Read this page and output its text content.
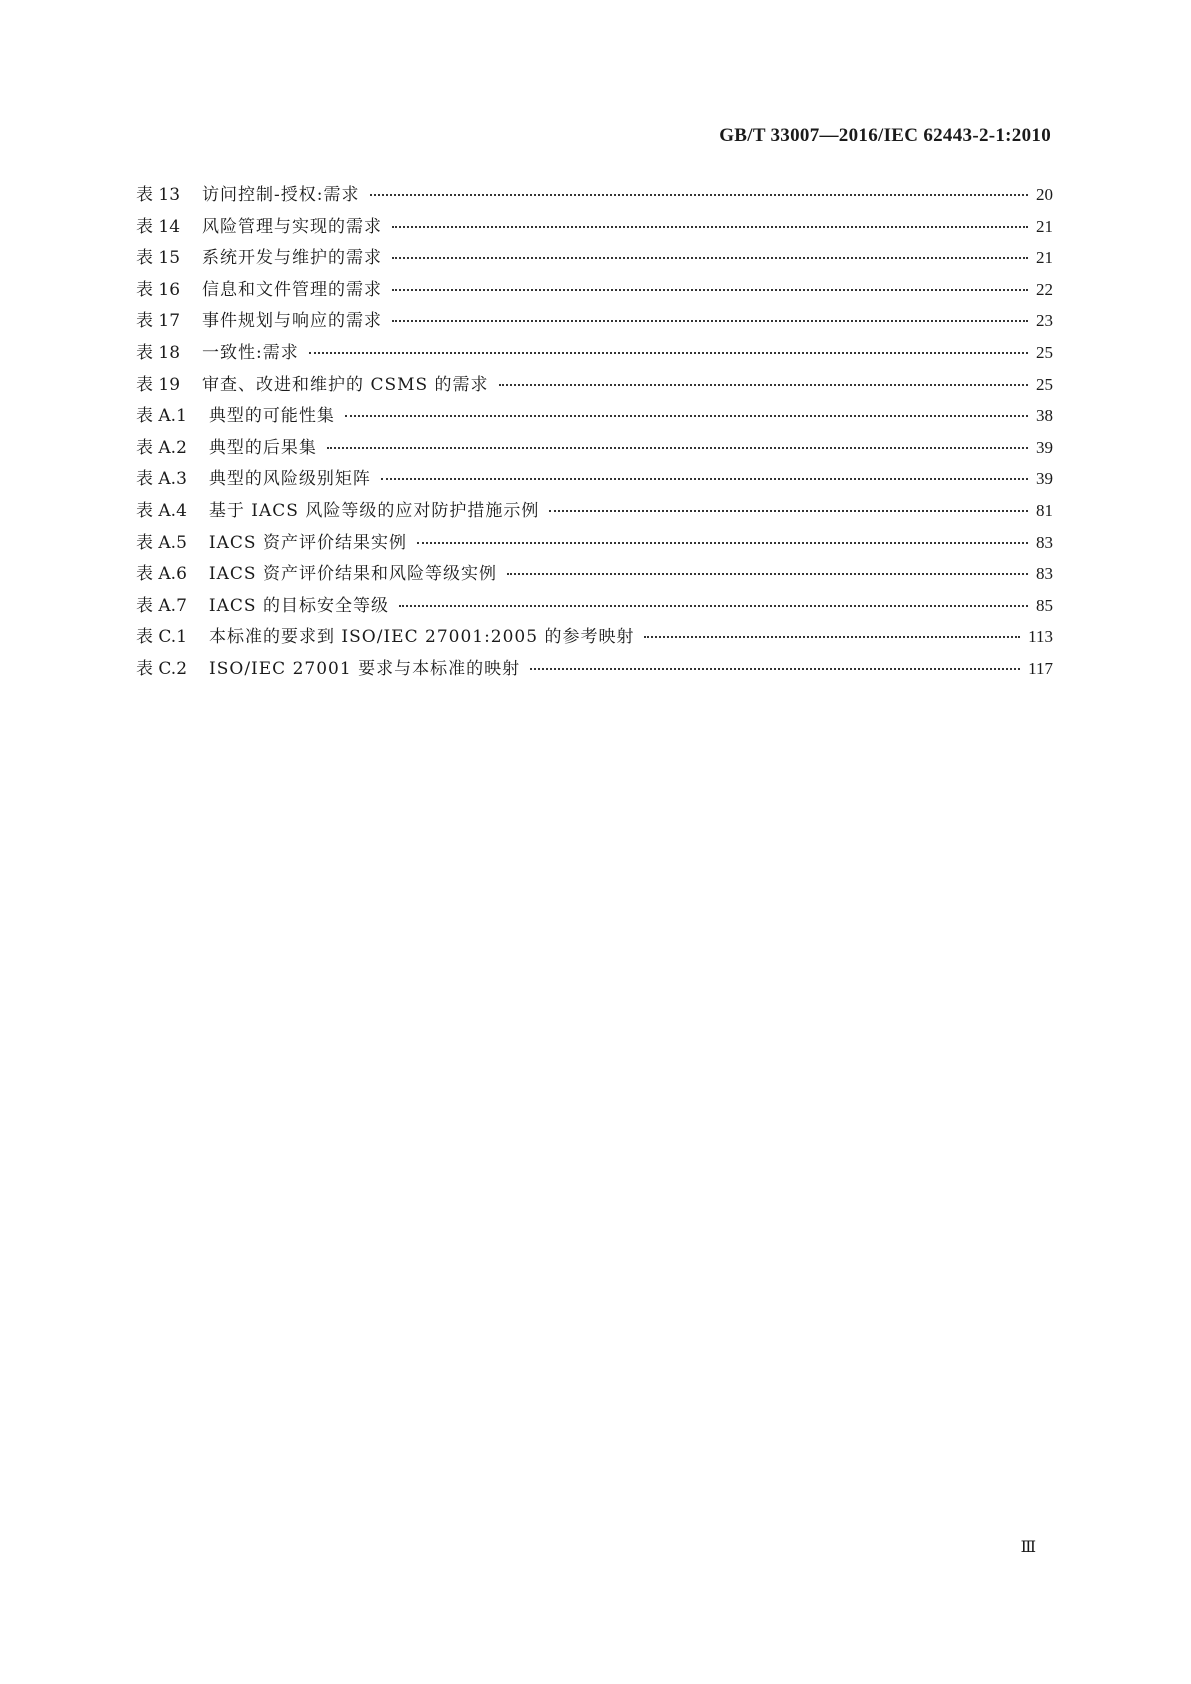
GB/T 33007—2016/IEC 62443-2-1:2010
表 13 访问控制-授权:需求	20
表 14 风险管理与实现的需求	21
表 15 系统开发与维护的需求	21
表 16 信息和文件管理的需求	22
表 17 事件规划与响应的需求	23
表 18 一致性:需求	25
表 19 审查、改进和维护的 CSMS 的需求	25
表 A.1 典型的可能性集	38
表 A.2 典型的后果集	39
表 A.3 典型的风险级别矩阵	39
表 A.4 基于 IACS 风险等级的应对防护措施示例	81
表 A.5 IACS 资产评价结果实例	83
表 A.6 IACS 资产评价结果和风险等级实例	83
表 A.7 IACS 的目标安全等级	85
表 C.1 本标准的要求到 ISO/IEC 27001:2005 的参考映射	113
表 C.2 ISO/IEC 27001 要求与本标准的映射	117
Ⅲ
